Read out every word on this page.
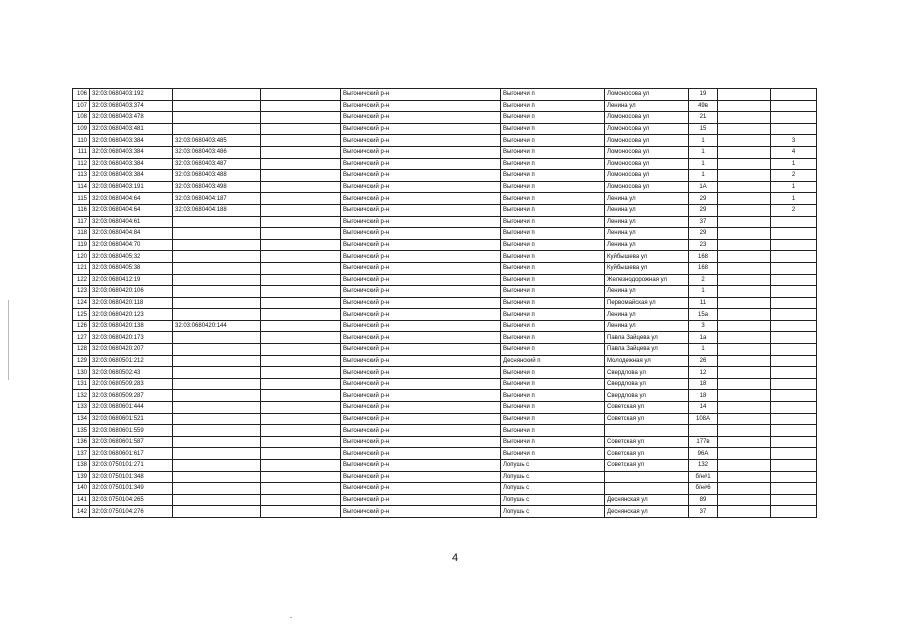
106	32:03:0680403:192			Выгоничский р-н	Выгоничи п	Ломоносова ул	19		
107	32:03:0680403:374			Выгоничский р-н	Выгоничи п	Ленина ул	49в		
108	32:03:0680403:478			Выгоничский р-н	Выгоничи п	Ломоносова ул	21		
109	32:03:0680403:481			Выгоничский р-н	Выгоничи п	Ломоносова ул	15		
110	32:03:0680403:384	32:03:0680403:485		Выгоничский р-н	Выгоничи п	Ломоносова ул	1		3
111	32:03:0680403:384	32:03:0680403:486		Выгоничский р-н	Выгоничи п	Ломоносова ул	1		4
112	32:03:0680403:384	32:03:0680403:487		Выгоничский р-н	Выгоничи п	Ломоносова ул	1		1
113	32:03:0680403:384	32:03:0680403:488		Выгоничский р-н	Выгоничи п	Ломоносова ул	1		2
114	32:03:0680403:191	32:03:0680403:498		Выгоничский р-н	Выгоничи п	Ломоносова ул	1А		1
115	32:03:0680404:64	32:03:0680404:187		Выгоничский р-н	Выгоничи п	Ленина ул	29		1
116	32:03:0680404:64	32:03:0680404:188		Выгоничский р-н	Выгоничи п	Ленина ул	29		2
117	32:03:0680404:61			Выгоничский р-н	Выгоничи п	Ленина ул	37		
118	32:03:0680404:84			Выгоничский р-н	Выгоничи п	Ленина ул	29		
119	32:03:0680404:70			Выгоничский р-н	Выгоничи п	Ленина ул	23		
120	32:03:0680405:32			Выгоничский р-н	Выгоничи п	Куйбышева ул	168		
121	32:03:0680405:38			Выгоничский р-н	Выгоничи п	Куйбышева ул	168		
122	32:03:0680412:19			Выгоничский р-н	Выгоничи п	Железнодорожная ул	2		
123	32:03:0680420:106			Выгоничский р-н	Выгоничи п	Ленина ул	1		
124	32:03:0680420:118			Выгоничский р-н	Выгоничи п	Первомайская ул	11		
125	32:03:0680420:123			Выгоничский р-н	Выгоничи п	Ленина ул	15а		
126	32:03:0680420:138	32:03:0680420:144		Выгоничский р-н	Выгоничи п	Ленина ул	3		
127	32:03:0680420:173			Выгоничский р-н	Выгоничи п	Павла Зайцева ул	1а		
128	32:03:0680420:207			Выгоничский р-н	Выгоничи п	Павла Зайцева ул	1		
129	32:03:0680501:212			Выгоничский р-н	Деснянский п	Молодежная ул	26		
130	32:03:0680502:43			Выгоничский р-н	Выгоничи п	Свердлова ул	12		
131	32:03:0680509:283			Выгоничский р-н	Выгоничи п	Свердлова ул	18		
132	32:03:0680509:287			Выгоничский р-н	Выгоничи п	Свердлова ул	18		
133	32:03:0680601:444			Выгоничский р-н	Выгоничи п	Советская ул	14		
134	32:03:0680601:521			Выгоничский р-н	Выгоничи п	Советская ул	108А		
135	32:03:0680601:559			Выгоничский р-н	Выгоничи п				
136	32:03:0680601:587			Выгоничский р-н	Выгоничи п	Советская ул	177в		
137	32:03:0680601:617			Выгоничский р-н	Выгоничи п	Советская ул	96А		
138	32:03:0750101:271			Выгоничский р-н	Лопушь с	Советская ул	132		
139	32:03:0750101:348			Выгоничский р-н	Лопушь с		б/н#1		
140	32:03:0750101:349			Выгоничский р-н	Лопушь с		б/н#6		
141	32:03:0750104:265			Выгоничский р-н	Лопушь с	Деснянская ул	89		
142	32:03:0750104:276			Выгоничский р-н	Лопушь с	Деснянская ул	37		
4
